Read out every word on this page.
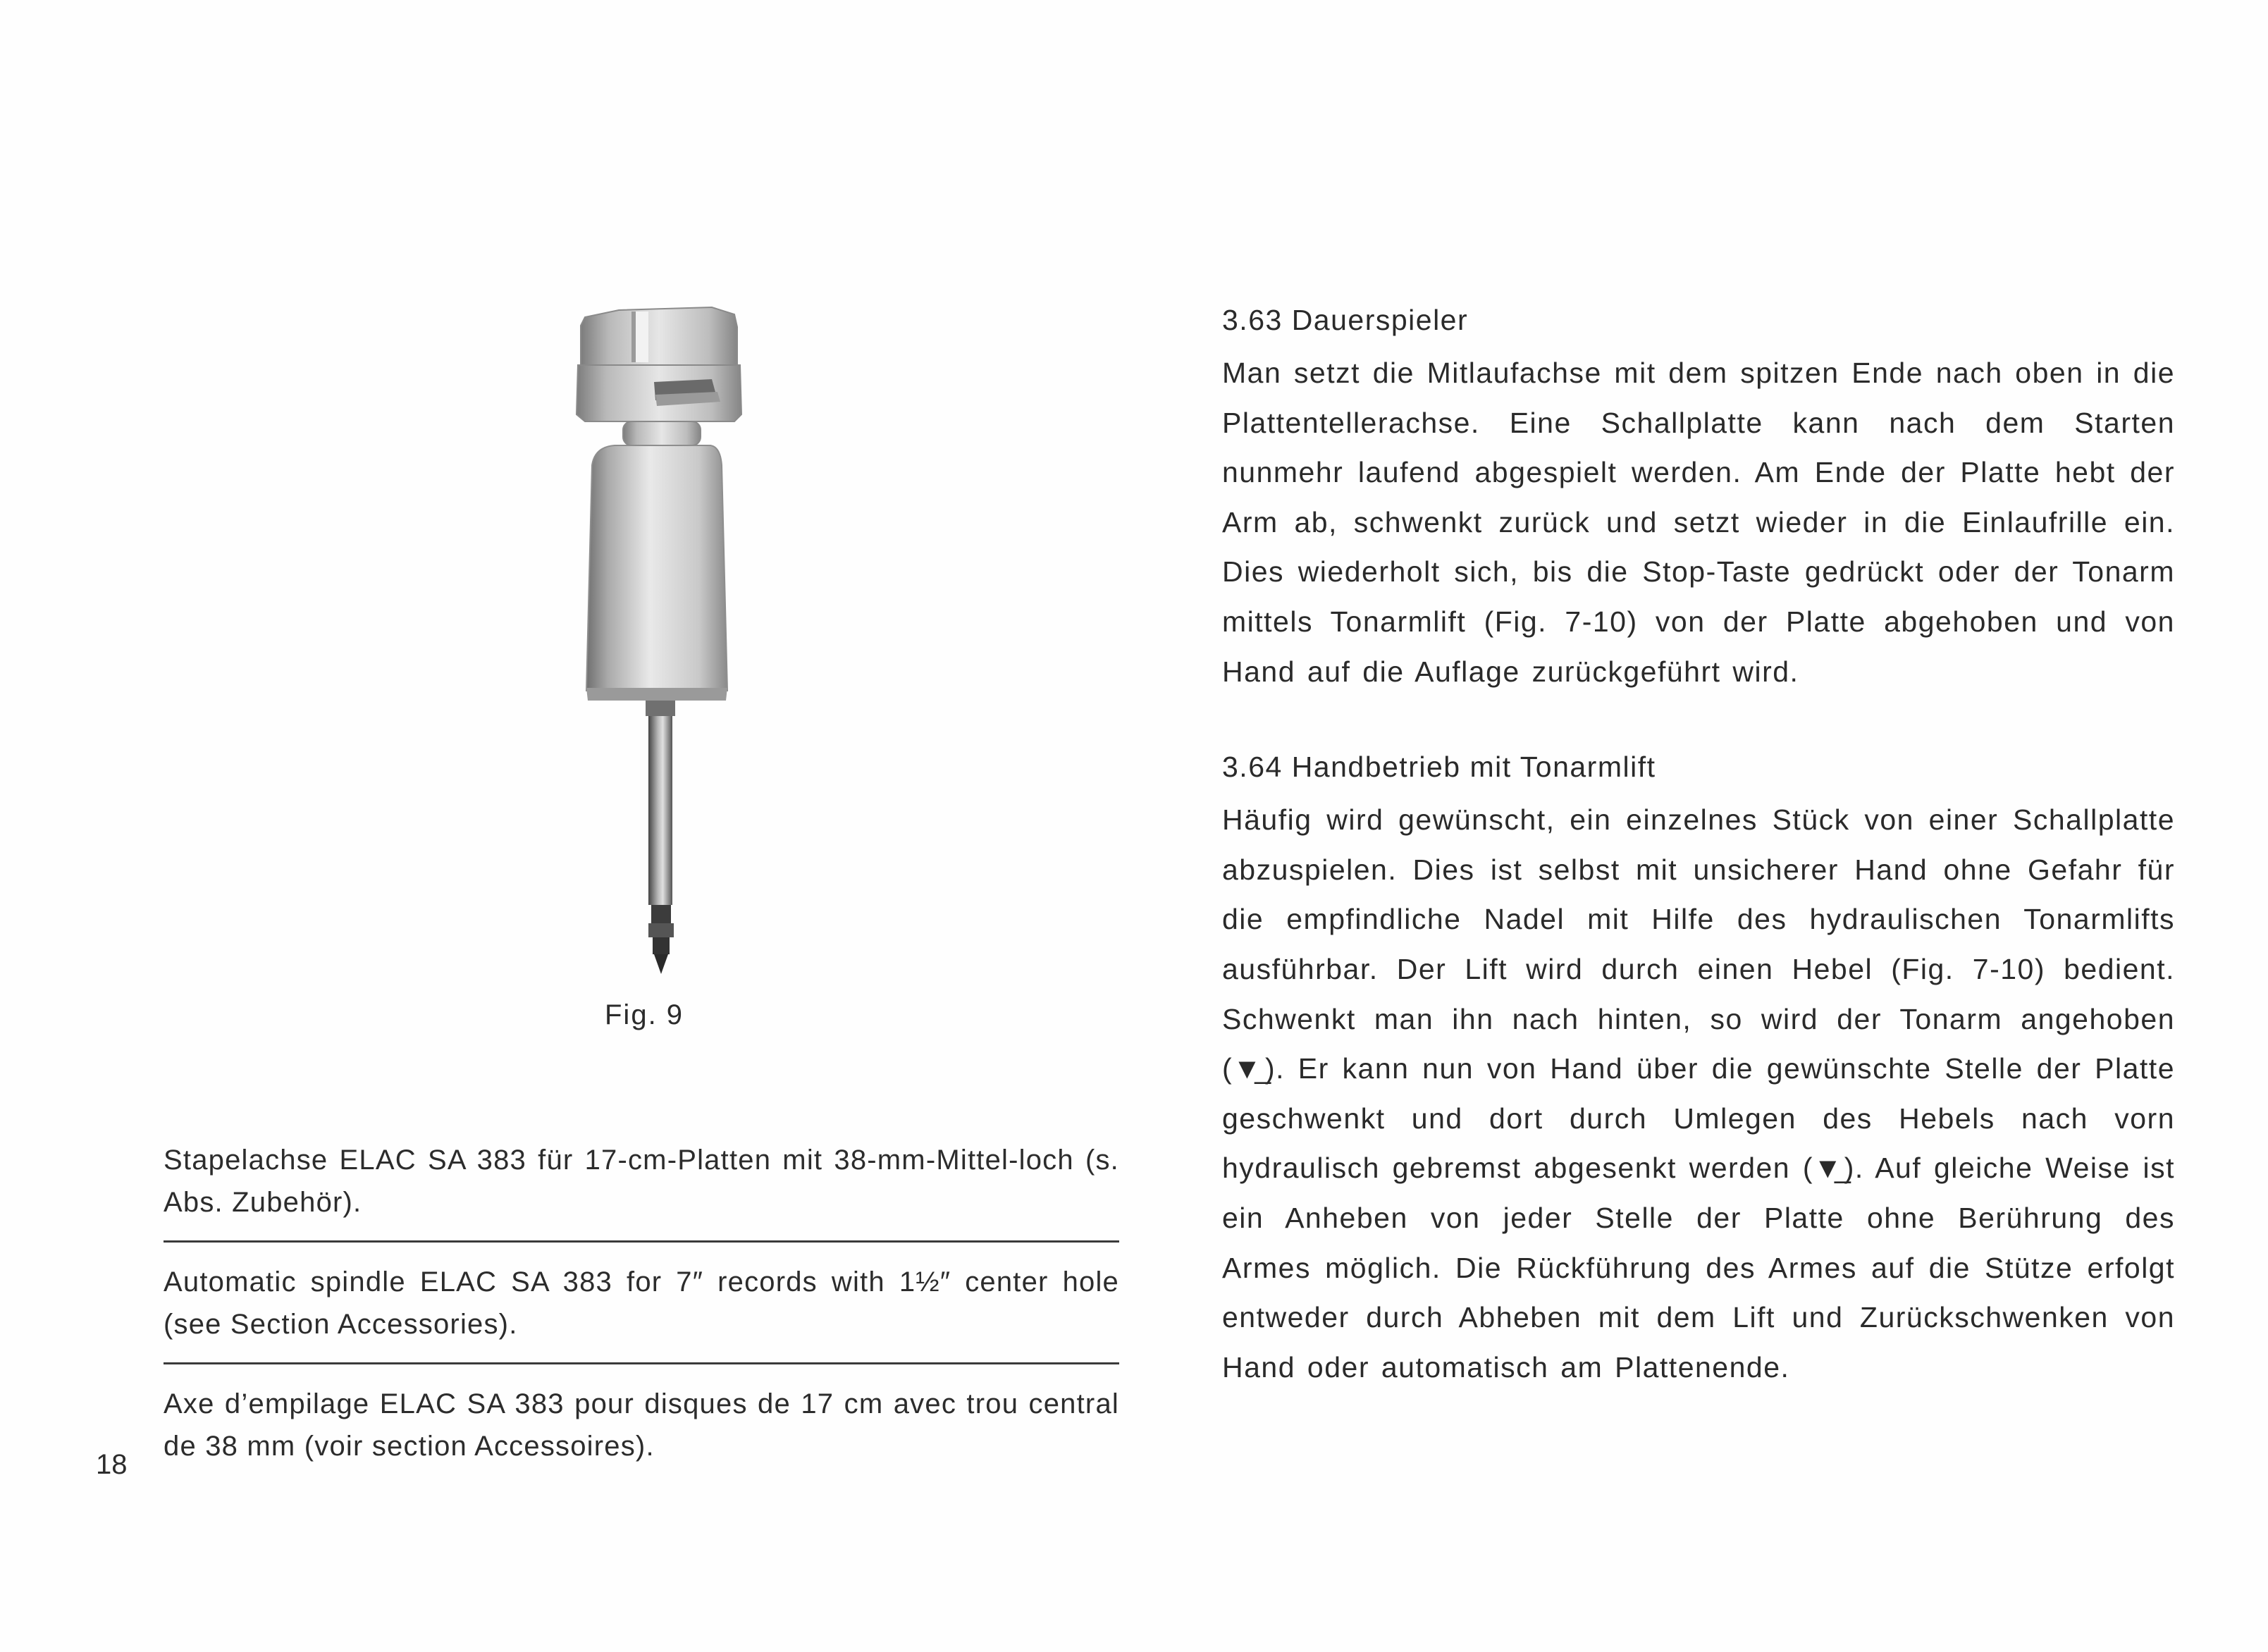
Fig. 9
Stapelachse ELAC SA 383 für 17-cm-Platten mit 38-mm-Mittel-loch (s. Abs. Zubehör).
Automatic spindle ELAC SA 383 for 7″ records with 1½″ center hole (see Section Accessories).
Axe d’empilage ELAC SA 383 pour disques de 17 cm avec trou central de 38 mm (voir section Accessoires).
18
3.63 Dauerspieler
Man setzt die Mitlaufachse mit dem spitzen Ende nach oben in die Plattentellerachse. Eine Schallplatte kann nach dem Starten nunmehr laufend abgespielt werden. Am Ende der Platte hebt der Arm ab, schwenkt zurück und setzt wieder in die Einlaufrille ein. Dies wiederholt sich, bis die Stop-Taste gedrückt oder der Tonarm mittels Tonarmlift (Fig. 7-10) von der Platte abgehoben und von Hand auf die Auflage zurückgeführt wird.
3.64 Handbetrieb mit Tonarmlift
Häufig wird gewünscht, ein einzelnes Stück von einer Schallplatte abzuspielen. Dies ist selbst mit unsicherer Hand ohne Gefahr für die empfindliche Nadel mit Hilfe des hydraulischen Tonarmlifts ausführbar. Der Lift wird durch einen Hebel (Fig. 7-10) bedient. Schwenkt man ihn nach hinten, so wird der Tonarm angehoben (▼̲). Er kann nun von Hand über die gewünschte Stelle der Platte geschwenkt und dort durch Umlegen des Hebels nach vorn hydraulisch gebremst abgesenkt werden (▼̲). Auf gleiche Weise ist ein Anheben von jeder Stelle der Platte ohne Berührung des Armes möglich. Die Rückführung des Armes auf die Stütze erfolgt entweder durch Abheben mit dem Lift und Zurückschwenken von Hand oder automatisch am Plattenende.
